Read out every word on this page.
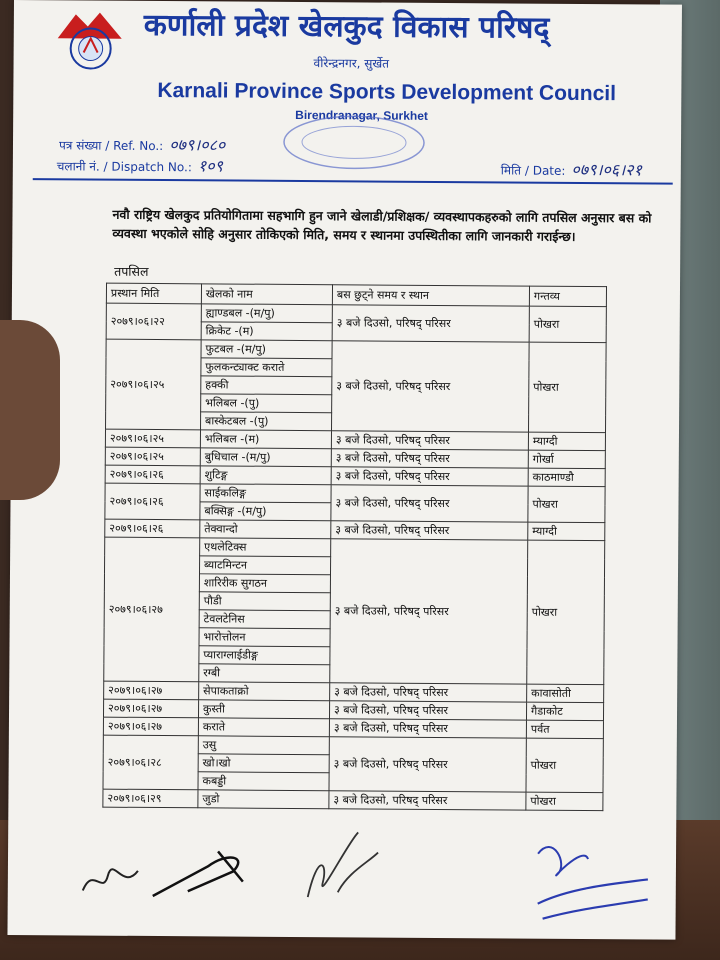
कर्णाली प्रदेश खेलकुद विकास परिषद्
वीरेन्द्रनगर, सुर्खेत
Karnali Province Sports Development Council
Birendranagar, Surkhet
पत्र संख्या / Ref. No.: ०७९।०८०
चलानी नं. / Dispatch No.: १०९	मिति / Date: ०७९।०६।२१
नवौ राष्ट्रिय खेलकुद प्रतियोगितामा सहभागि हुन जाने खेलाडी/प्रशिक्षक/ व्यवस्थापकहरुको लागि तपसिल अनुसार बस को व्यवस्था भएकोले सोहि अनुसार तोकिएको मिति, समय र स्थानमा उपस्थितीका लागि जानकारी गराईन्छ।
तपसिल
प्रस्थान मिति	खेलको नाम	बस छुट्ने समय र स्थान	गन्तव्य
२०७९।०६।२२	ह्याण्डबल -(म/पु)	३ बजे दिउसो, परिषद् परिसर	पोखरा
	क्रिकेट -(म)		
२०७९।०६।२५	फुटबल -(म/पु)	३ बजे दिउसो, परिषद् परिसर	पोखरा
	फुलकन्ट्याक्ट कराते		
	हक्की		
	भलिबल -(पु)		
	बास्केटबल -(पु)		
२०७९।०६।२५	भलिबल -(म)	३ बजे दिउसो, परिषद् परिसर	म्याग्दी
२०७९।०६।२५	बुधिचाल -(म/पु)	३ बजे दिउसो, परिषद् परिसर	गोर्खा
२०७९।०६।२६	शुटिङ्ग	३ बजे दिउसो, परिषद् परिसर	काठमाण्डौ
२०७९।०६।२६	साईकलिङ्ग	३ बजे दिउसो, परिषद् परिसर	पोखरा
	बक्सिङ्ग -(म/पु)		
२०७९।०६।२६	तेक्वान्दो	३ बजे दिउसो, परिषद् परिसर	म्याग्दी
२०७९।०६।२७	एथलेटिक्स	३ बजे दिउसो, परिषद् परिसर	पोखरा
	ब्याटमिन्टन		
	शारिरीक सुगठन		
	पौडी		
	टेवलटेनिस		
	भारोत्तोलन		
	प्याराग्लाईडीङ्ग		
	रग्बी		
२०७९।०६।२७	सेपाकताक्रो	३ बजे दिउसो, परिषद् परिसर	कावासोती
२०७९।०६।२७	कुस्ती	३ बजे दिउसो, परिषद् परिसर	गैडाकोट
२०७९।०६।२७	कराते	३ बजे दिउसो, परिषद् परिसर	पर्वत
२०७९।०६।२८	उसु	३ बजे दिउसो, परिषद् परिसर	पोखरा
	खो।खो		
	कबड्डी		
२०७९।०६।२९	जुडो	३ बजे दिउसो, परिषद् परिसर	पोखरा
